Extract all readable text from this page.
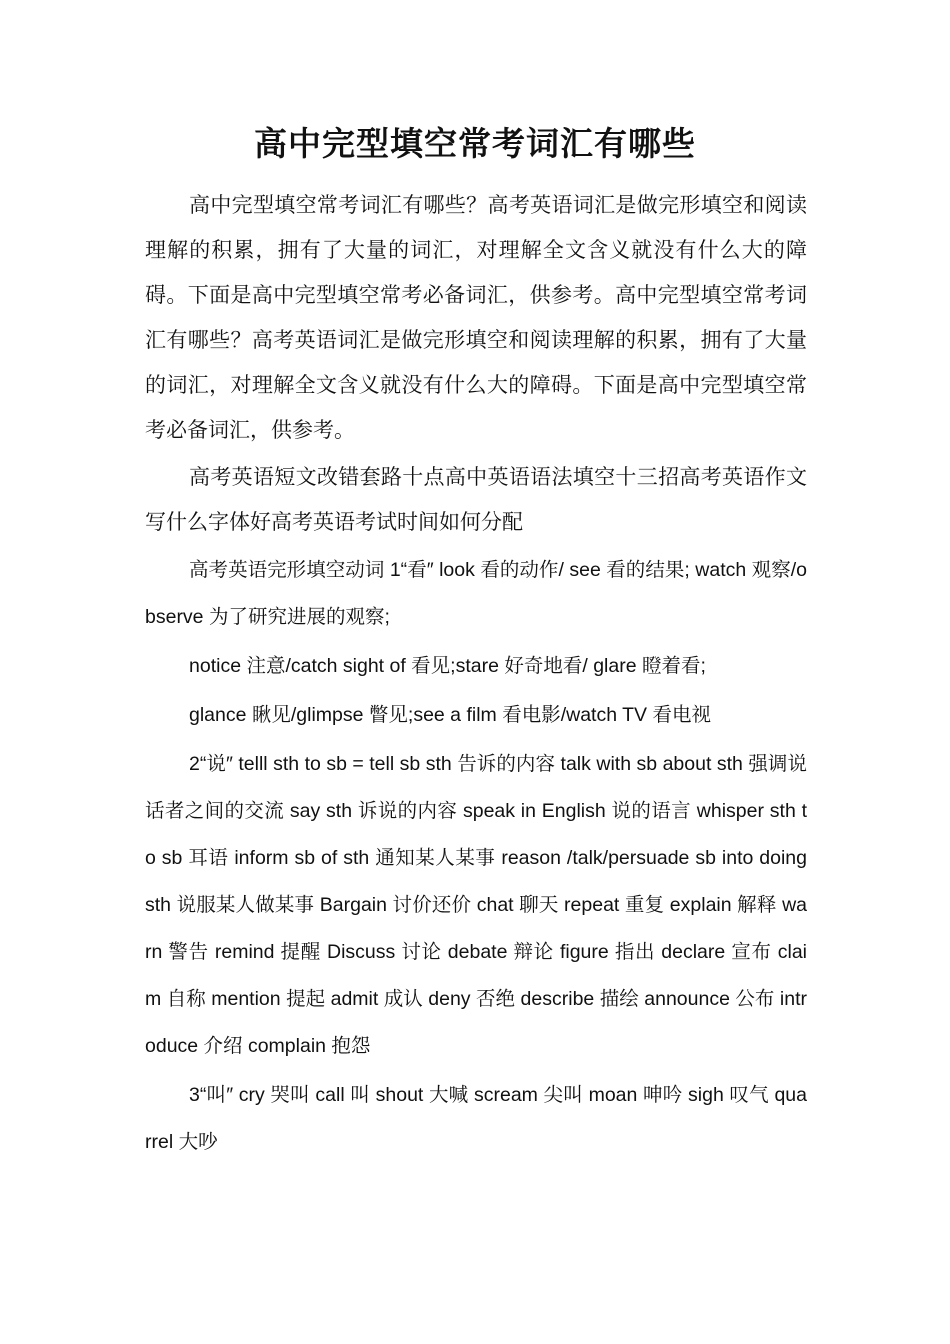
高中完型填空常考词汇有哪些

高中完型填空常考词汇有哪些？高考英语词汇是做完形填空和阅读理解的积累，拥有了大量的词汇，对理解全文含义就没有什么大的障碍。下面是高中完型填空常考必备词汇，供参考。高中完型填空常考词汇有哪些？高考英语词汇是做完形填空和阅读理解的积累，拥有了大量的词汇，对理解全文含义就没有什么大的障碍。下面是高中完型填空常考必备词汇，供参考。

高考英语短文改错套路十点高中英语语法填空十三招高考英语作文写什么字体好高考英语考试时间如何分配

高考英语完形填空动词 1“看″ look 看的动作/ see 看的结果; watch 观察/observe 为了研究进展的观察;

notice 注意/catch sight of 看见;stare 好奇地看/ glare 瞪着看;

glance 瞅见/glimpse 瞥见;see a film 看电影/watch TV 看电视

2“说″ telll sth to sb = tell sb sth 告诉的内容 talk with sb about sth 强调说话者之间的交流 say sth 诉说的内容 speak in English 说的语言 whisper sth to sb 耳语 inform sb of sth 通知某人某事 reason /talk/persuade sb into doing sth 说服某人做某事 Bargain 讨价还价 chat 聊天 repeat 重复 explain 解释 warn 警告 remind 提醒 Discuss 讨论 debate 辩论 figure 指出 declare 宣布 claim 自称 mention 提起 admit 成认 deny 否绝 describe 描绘 announce 公布 introduce 介绍 complain 抱怨

3“叫″ cry 哭叫 call 叫 shout 大喊 scream 尖叫 moan 呻吟 sigh 叹气 quarrel 大吵
